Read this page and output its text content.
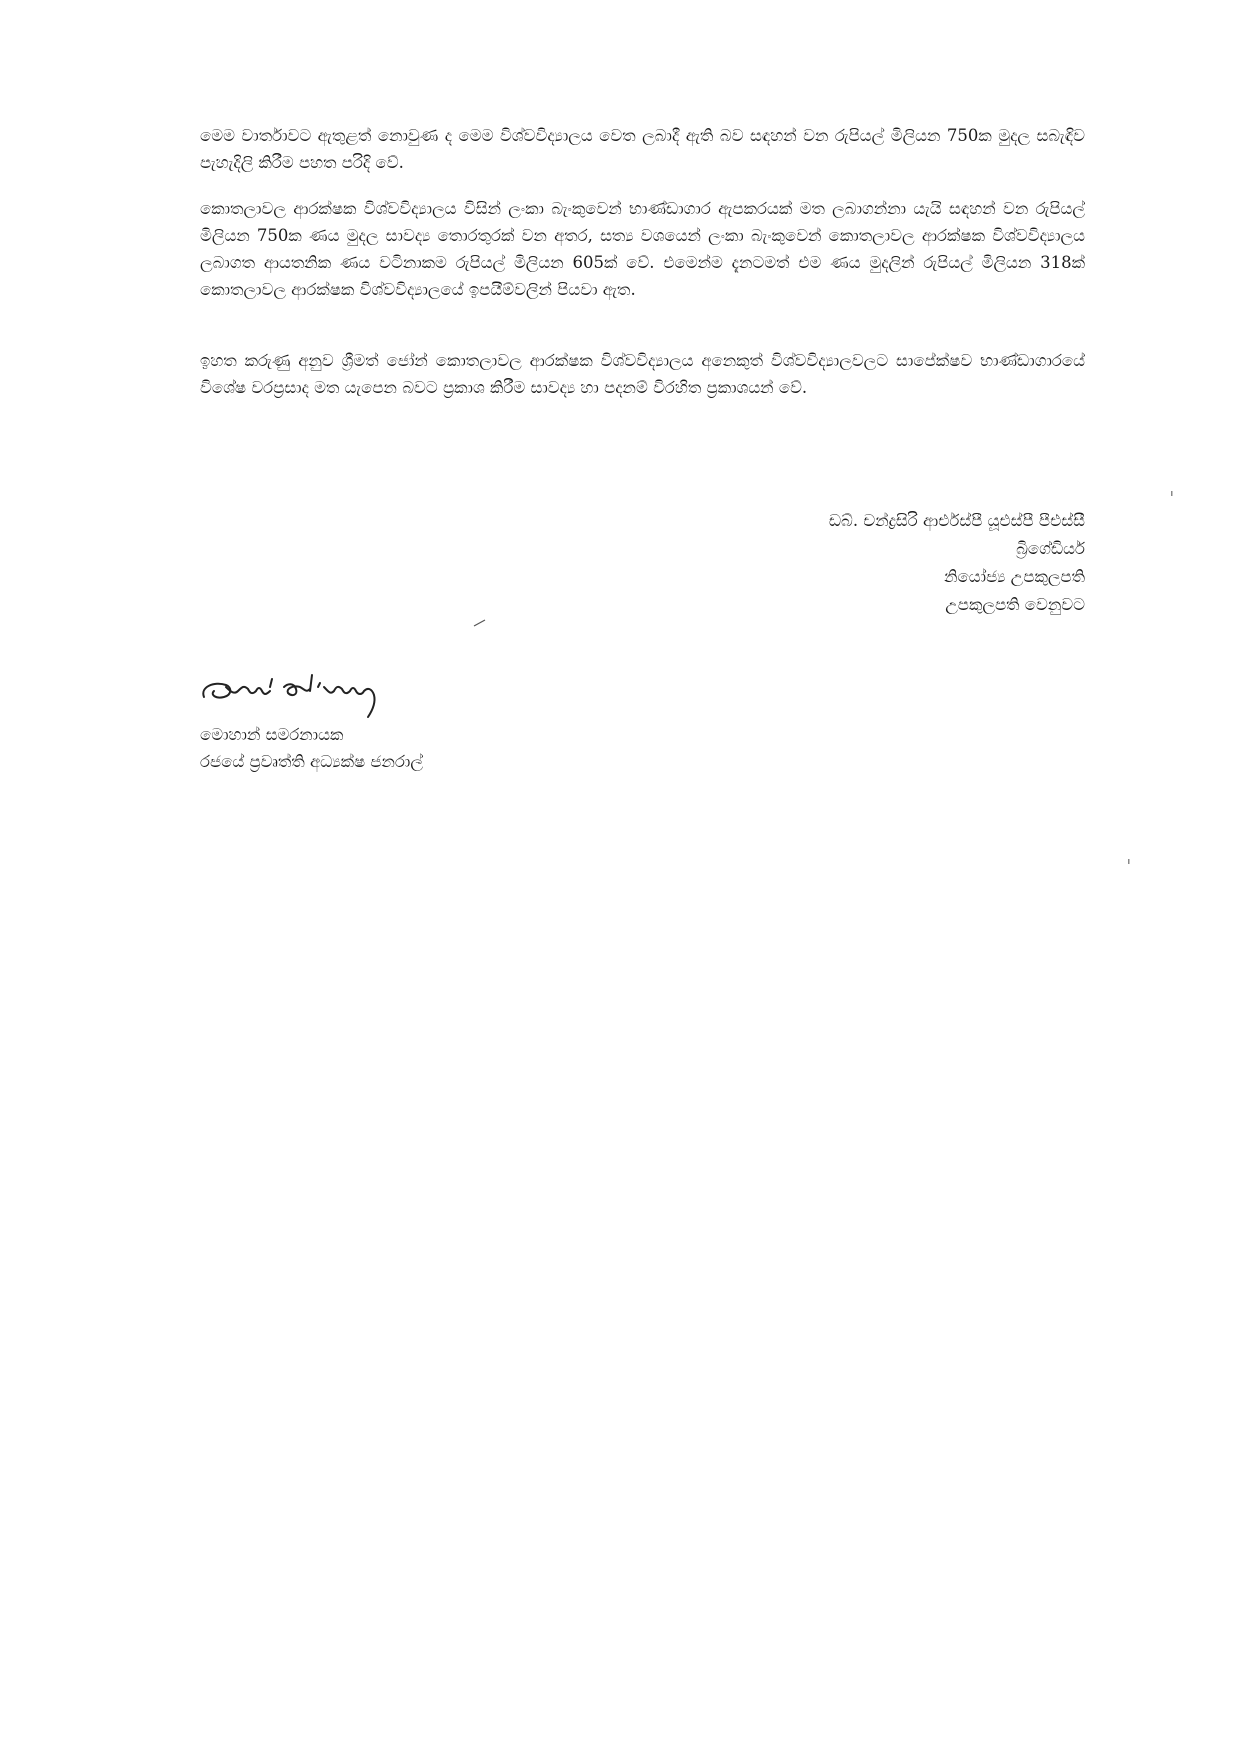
මෙම වාර්තාවට ඇතුළත් නොවුණ ද මෙම විශ්වවිද්‍යාලය වෙත ලබාදී ඇති බව සඳහන් වන රුපියල් මිලියන 750ක මුදල සබැඳිව පැහැදිලි කිරීම පහත පරිදි වේ.

කොතලාවල ආරක්ෂක විශ්වවිද්‍යාලය විසින් ලංකා බැංකුවෙන් භාණ්ඩාගාර ඇපකරයක් මත ලබාගන්නා යැයි සඳහන් වන රුපියල් මිලියන 750ක ණය මුදල සාවද්‍ය තොරතුරක් වන අතර, සත්‍ය වශයෙන් ලංකා බැංකුවෙන් කොතලාවල ආරක්ෂක විශ්වවිද්‍යාලය ලබාගත ආයතනික ණය වටිනාකම රුපියල් මිලියන 605ක් වේ. එමෙන්ම දැනටමත් එම ණය මුදලින් රුපියල් මිලියන 318ක් කොතලාවල ආරක්ෂක විශ්වවිද්‍යාලයේ ඉපයීම්වලින් පියවා ඇත.

ඉහත කරුණු අනුව ශ්‍රීමත් ජෝන් කොතලාවල ආරක්ෂක විශ්වවිද්‍යාලය අනෙකුත් විශ්වවිද්‍යාලවලට සාපේක්ෂව භාණ්ඩාගාරයේ විශේෂ වරප්‍රසාද මත යැපෙන බවට ප්‍රකාශ කිරීම සාවද්‍ය හා පදනම් විරහිත ප්‍රකාශයන් වේ.

ඩබ්. චන්ද්‍රසිරි ආර්එස්පී යූඑස්පී පීඑස්සී
බ්‍රිගේඩියර්
නියෝජ්‍ය උපකුලපති
උපකුලපති වෙනුවට
මොහාන් සමරනායක
රජයේ ප්‍රවෘත්ති අධ්‍යක්ෂ ජනරාල්
